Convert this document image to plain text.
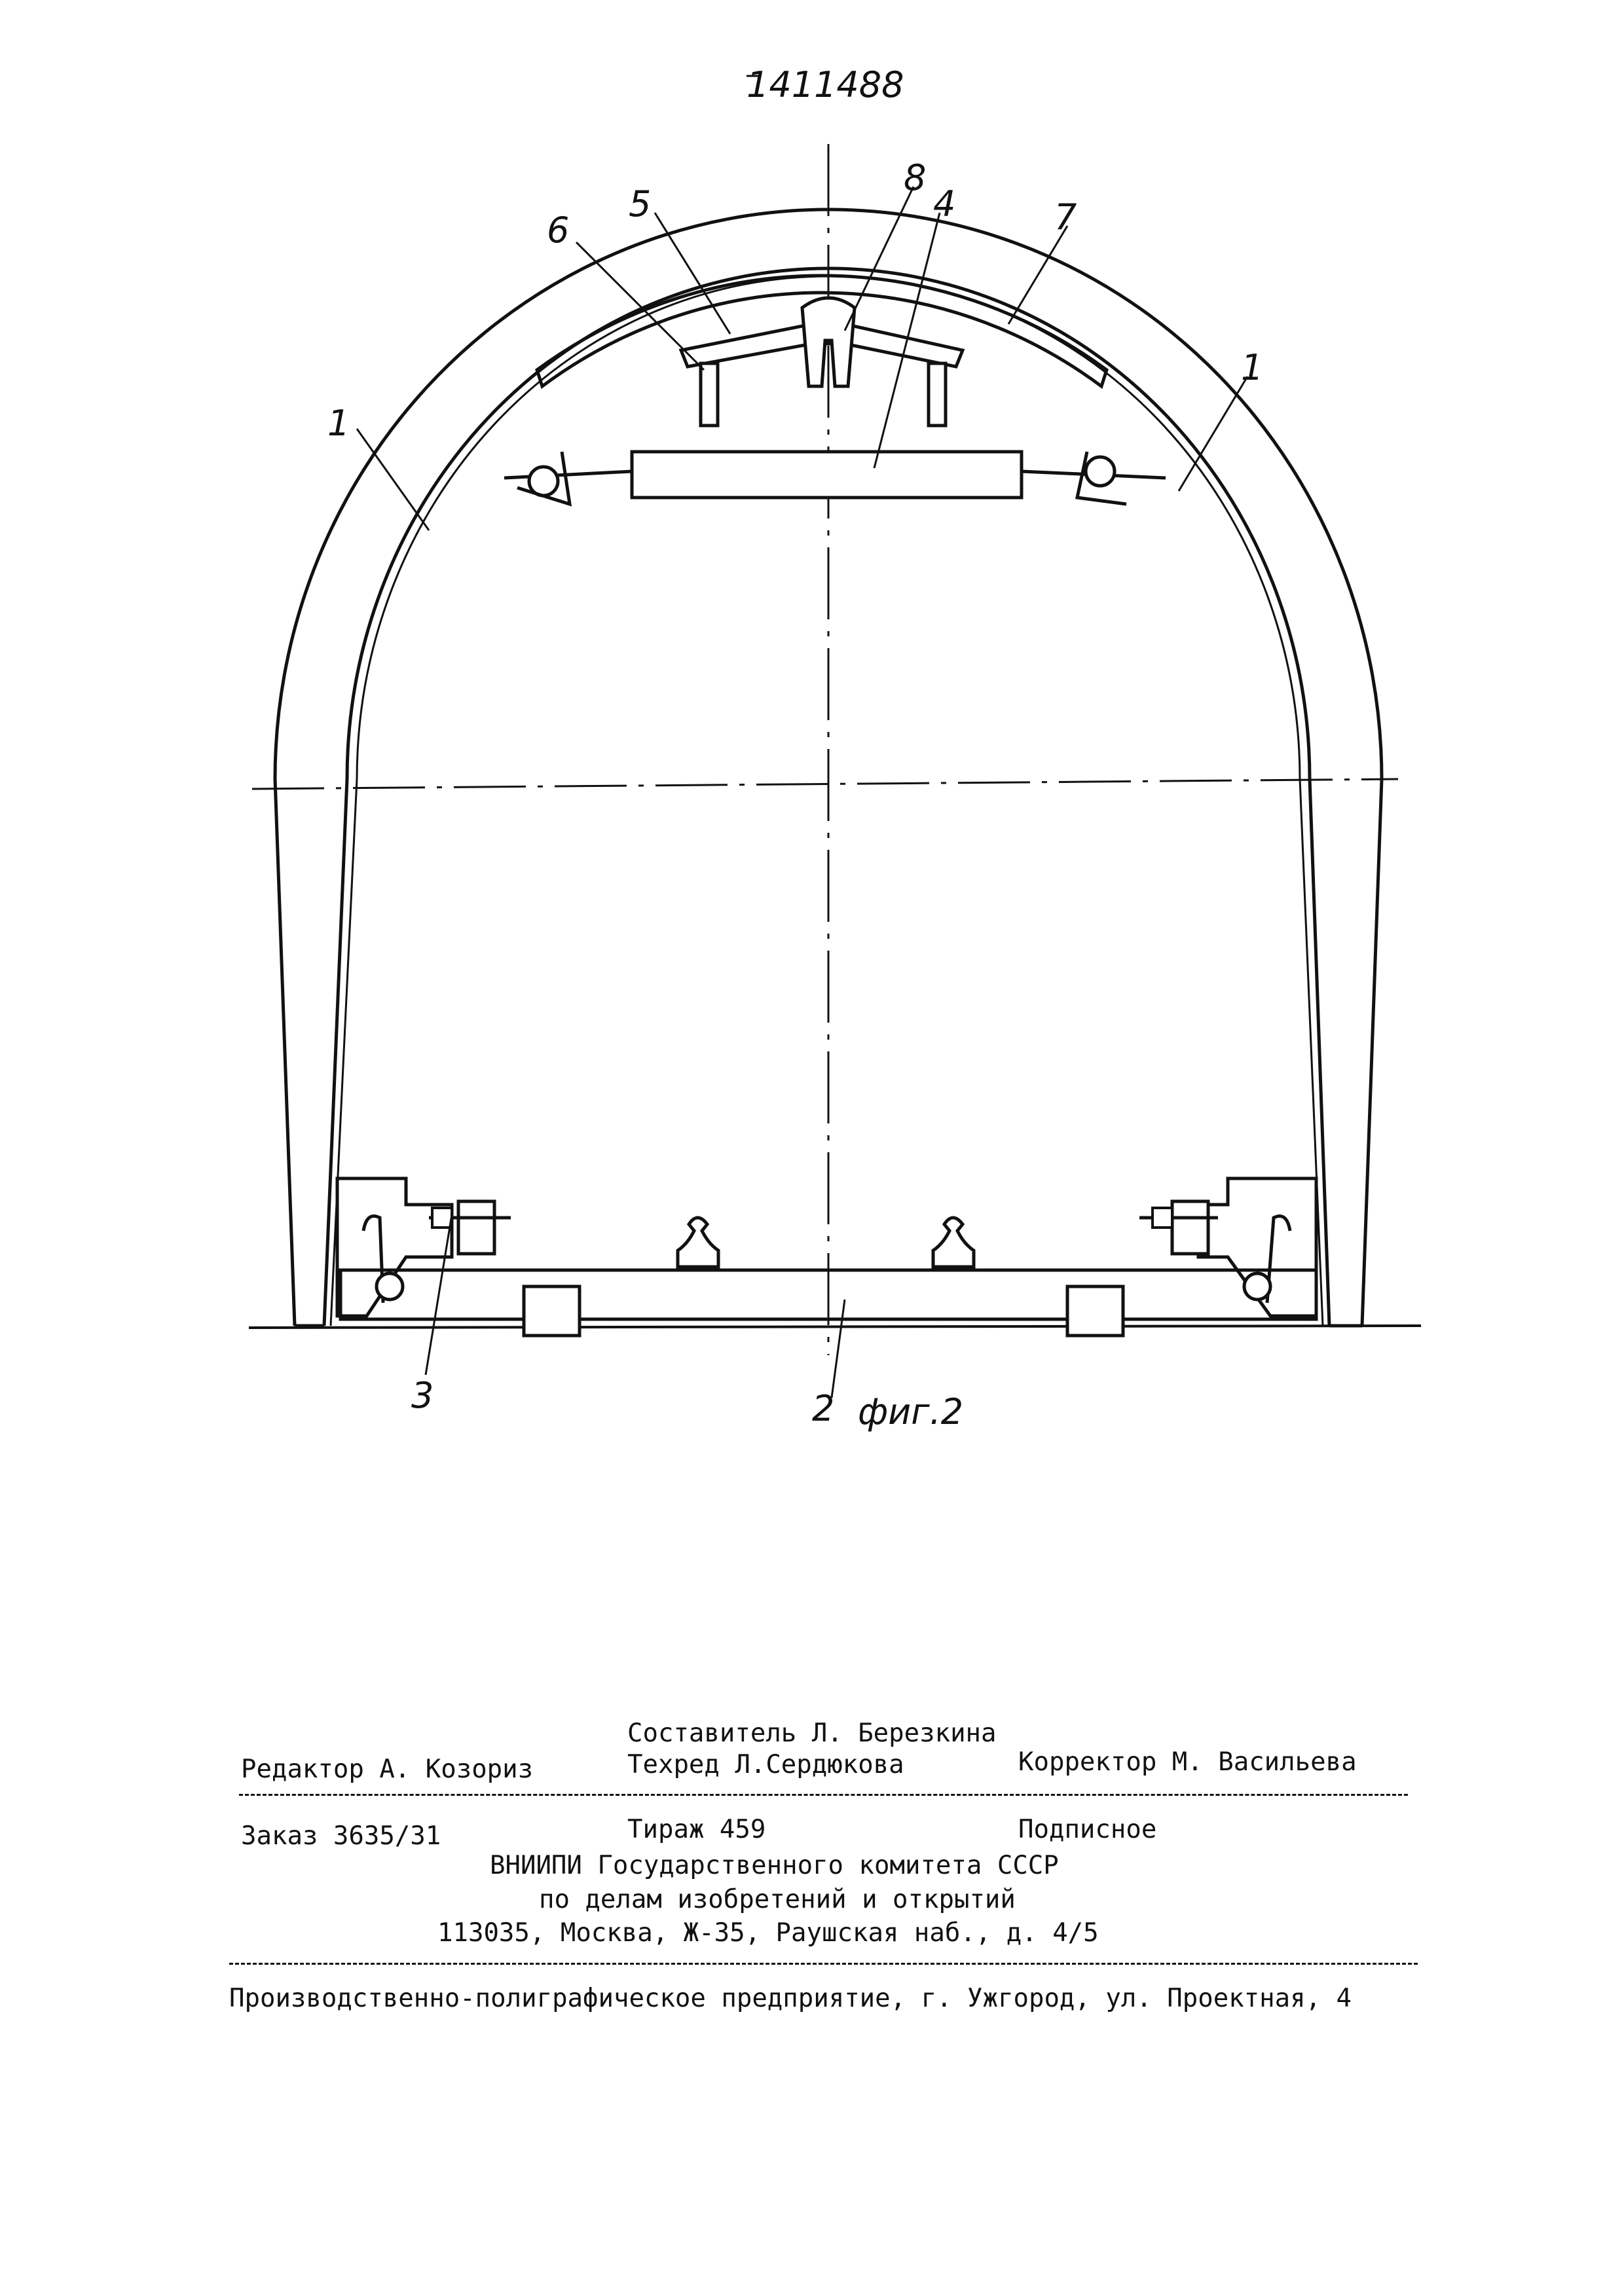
1411488
1
1
2
3
4
5
6	7
8
фиг.2
Составитель Л. Березкина
Редактор А. Козориз	Техред Л.Сердюкова	Корректор М. Васильева
Заказ 3635/31	Тираж 459	Подписное
ВНИИПИ Государственного комитета СССР
по делам изобретений и открытий
113035, Москва, Ж-35, Раушская наб., д. 4/5
Производственно-полиграфическое предприятие, г. Ужгород, ул. Проектная, 4
